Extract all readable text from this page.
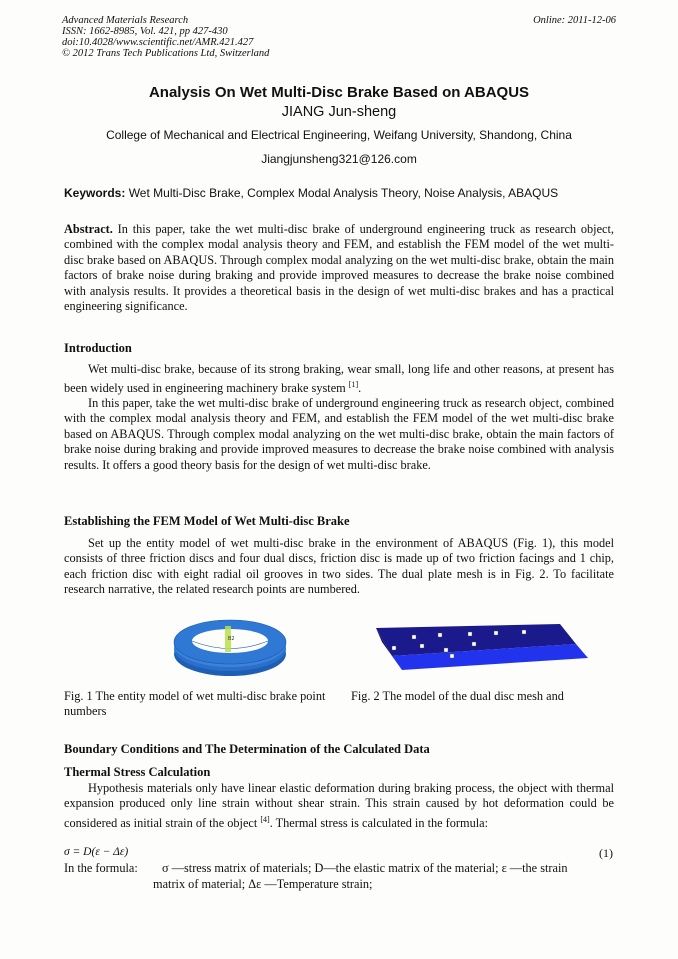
Advanced Materials Research
ISSN: 1662-8985, Vol. 421, pp 427-430
doi:10.4028/www.scientific.net/AMR.421.427
© 2012 Trans Tech Publications Ltd, Switzerland
Online: 2011-12-06
Analysis On Wet Multi-Disc Brake Based on ABAQUS
JIANG Jun-sheng
College of Mechanical and Electrical Engineering, Weifang University, Shandong, China
Jiangjunsheng321@126.com
Keywords: Wet Multi-Disc Brake, Complex Modal Analysis Theory, Noise Analysis, ABAQUS

Abstract. In this paper, take the wet multi-disc brake of underground engineering truck as research object, combined with the complex modal analysis theory and FEM, and establish the FEM model of the wet multi-disc brake based on ABAQUS. Through complex modal analyzing on the wet multi-disc brake, obtain the main factors of brake noise during braking and provide improved measures to decrease the brake noise combined with analysis results. It provides a theoretical basis in the design of wet multi-disc brakes and has a practical engineering significance.

Introduction

Wet multi-disc brake, because of its strong braking, wear small, long life and other reasons, at present has been widely used in engineering machinery brake system [1].

In this paper, take the wet multi-disc brake of underground engineering truck as research object, combined with the complex modal analysis theory and FEM, and establish the FEM model of the wet multi-disc brake based on ABAQUS. Through complex modal analyzing on the wet multi-disc brake, obtain the main factors of brake noise during braking and provide improved measures to decrease the brake noise combined with analysis results. It offers a good theory basis for the design of wet multi-disc brake.

Establishing the FEM Model of Wet Multi-disc Brake

Set up the entity model of wet multi-disc brake in the environment of ABAQUS (Fig. 1), this model consists of three friction discs and four dual discs, friction disc is made up of two friction facings and 1 chip, each friction disc with eight radial oil grooves in two sides. The dual plate mesh is in Fig. 2. To facilitate research narrative, the related research points are numbered.

B2
Fig. 1 The entity model of wet multi-disc brake point numbers
Fig. 2 The model of the dual disc mesh and
Boundary Conditions and The Determination of the Calculated Data
Thermal Stress Calculation

Hypothesis materials only have linear elastic deformation during braking process, the object with thermal expansion produced only line strain without shear strain. This strain caused by hot deformation could be considered as initial strain of the object [4]. Thermal stress is calculated in the formula:

σ = D(ε − Δε)	(1)
In the formula: σ —stress matrix of materials; D—the elastic matrix of the material; ε —the strain
matrix of material; Δε —Temperature strain;
